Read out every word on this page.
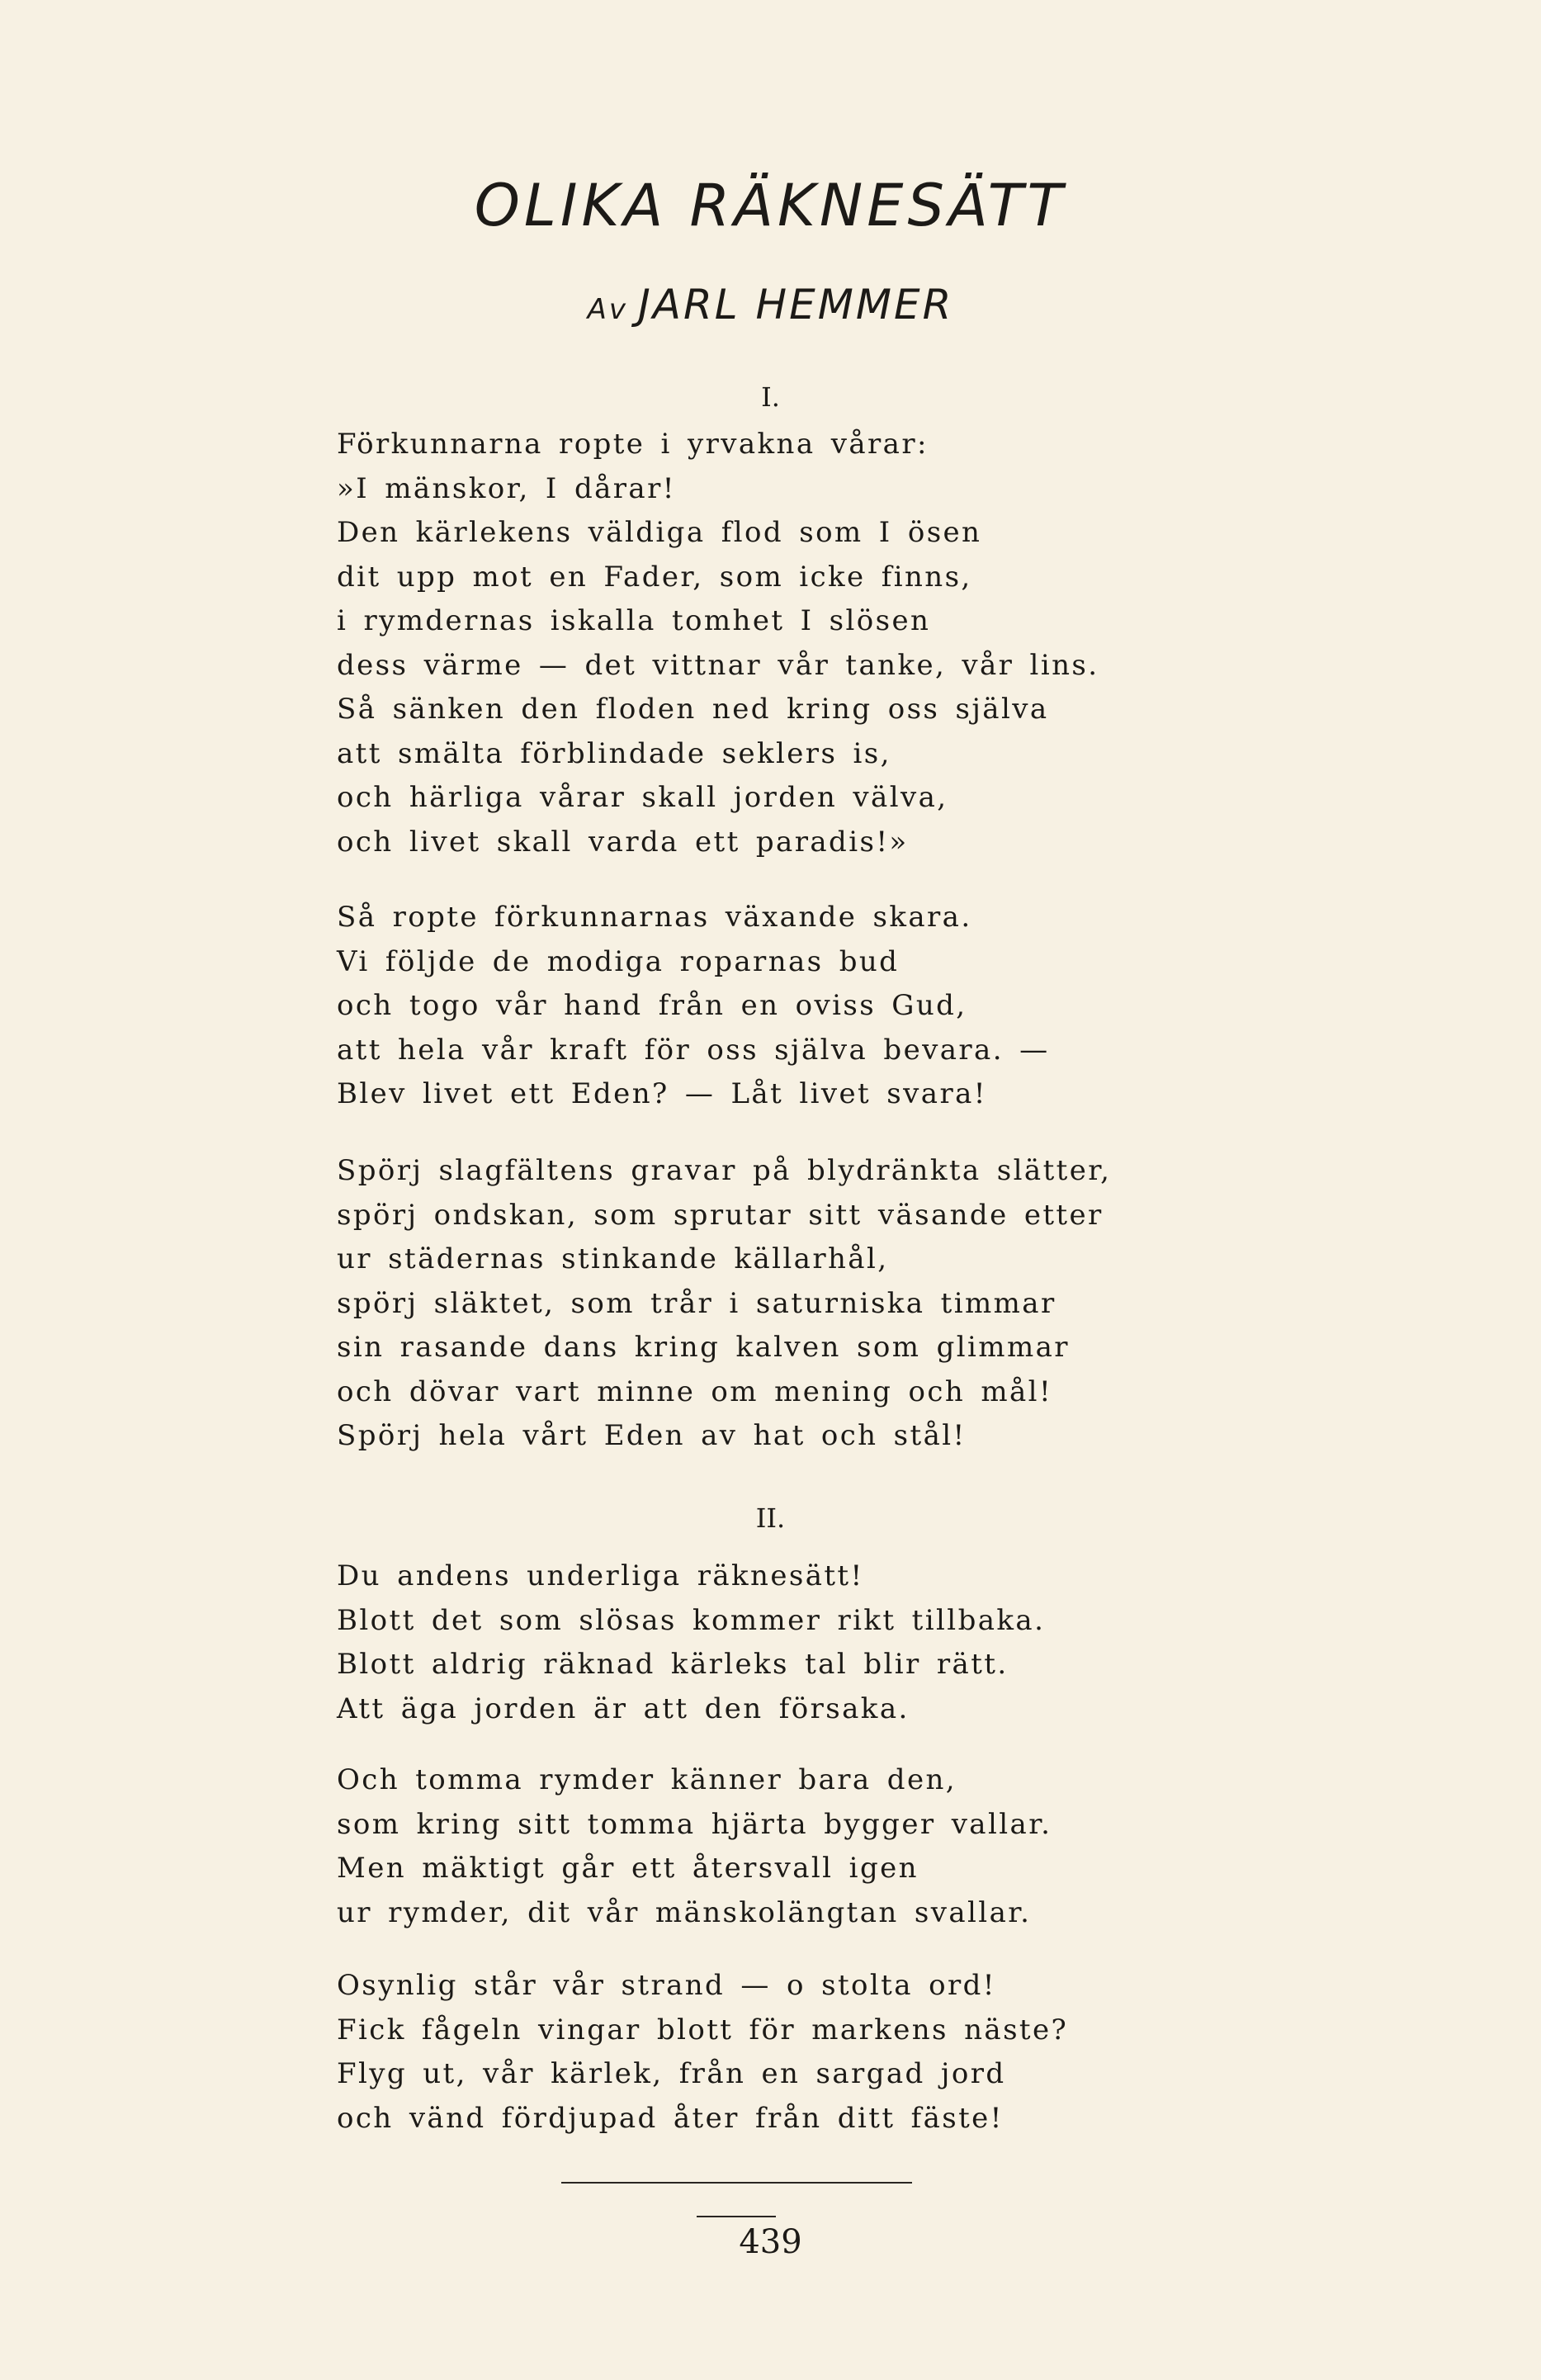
OLIKA RÄKNESÄTT
Av JARL HEMMER
I.
Förkunnarna ropte i yrvakna vårar:
»I mänskor, I dårar!
Den kärlekens väldiga flod som I ösen
dit upp mot en Fader, som icke finns,
i rymdernas iskalla tomhet I slösen
dess värme — det vittnar vår tanke, vår lins.
Så sänken den floden ned kring oss själva
att smälta förblindade seklers is,
och härliga vårar skall jorden välva,
och livet skall varda ett paradis!»
Så ropte förkunnarnas växande skara.
Vi följde de modiga roparnas bud
och togo vår hand från en oviss Gud,
att hela vår kraft för oss själva bevara. —
Blev livet ett Eden? — Låt livet svara!
Spörj slagfältens gravar på blydränkta slätter,
spörj ondskan, som sprutar sitt väsande etter
ur städernas stinkande källarhål,
spörj släktet, som trår i saturniska timmar
sin rasande dans kring kalven som glimmar
och dövar vart minne om mening och mål!
Spörj hela vårt Eden av hat och stål!
II.
Du andens underliga räknesätt!
Blott det som slösas kommer rikt tillbaka.
Blott aldrig räknad kärleks tal blir rätt.
Att äga jorden är att den försaka.
Och tomma rymder känner bara den,
som kring sitt tomma hjärta bygger vallar.
Men mäktigt går ett återsvall igen
ur rymder, dit vår mänskolängtan svallar.
Osynlig står vår strand — o stolta ord!
Fick fågeln vingar blott för markens näste?
Flyg ut, vår kärlek, från en sargad jord
och vänd fördjupad åter från ditt fäste!
439
